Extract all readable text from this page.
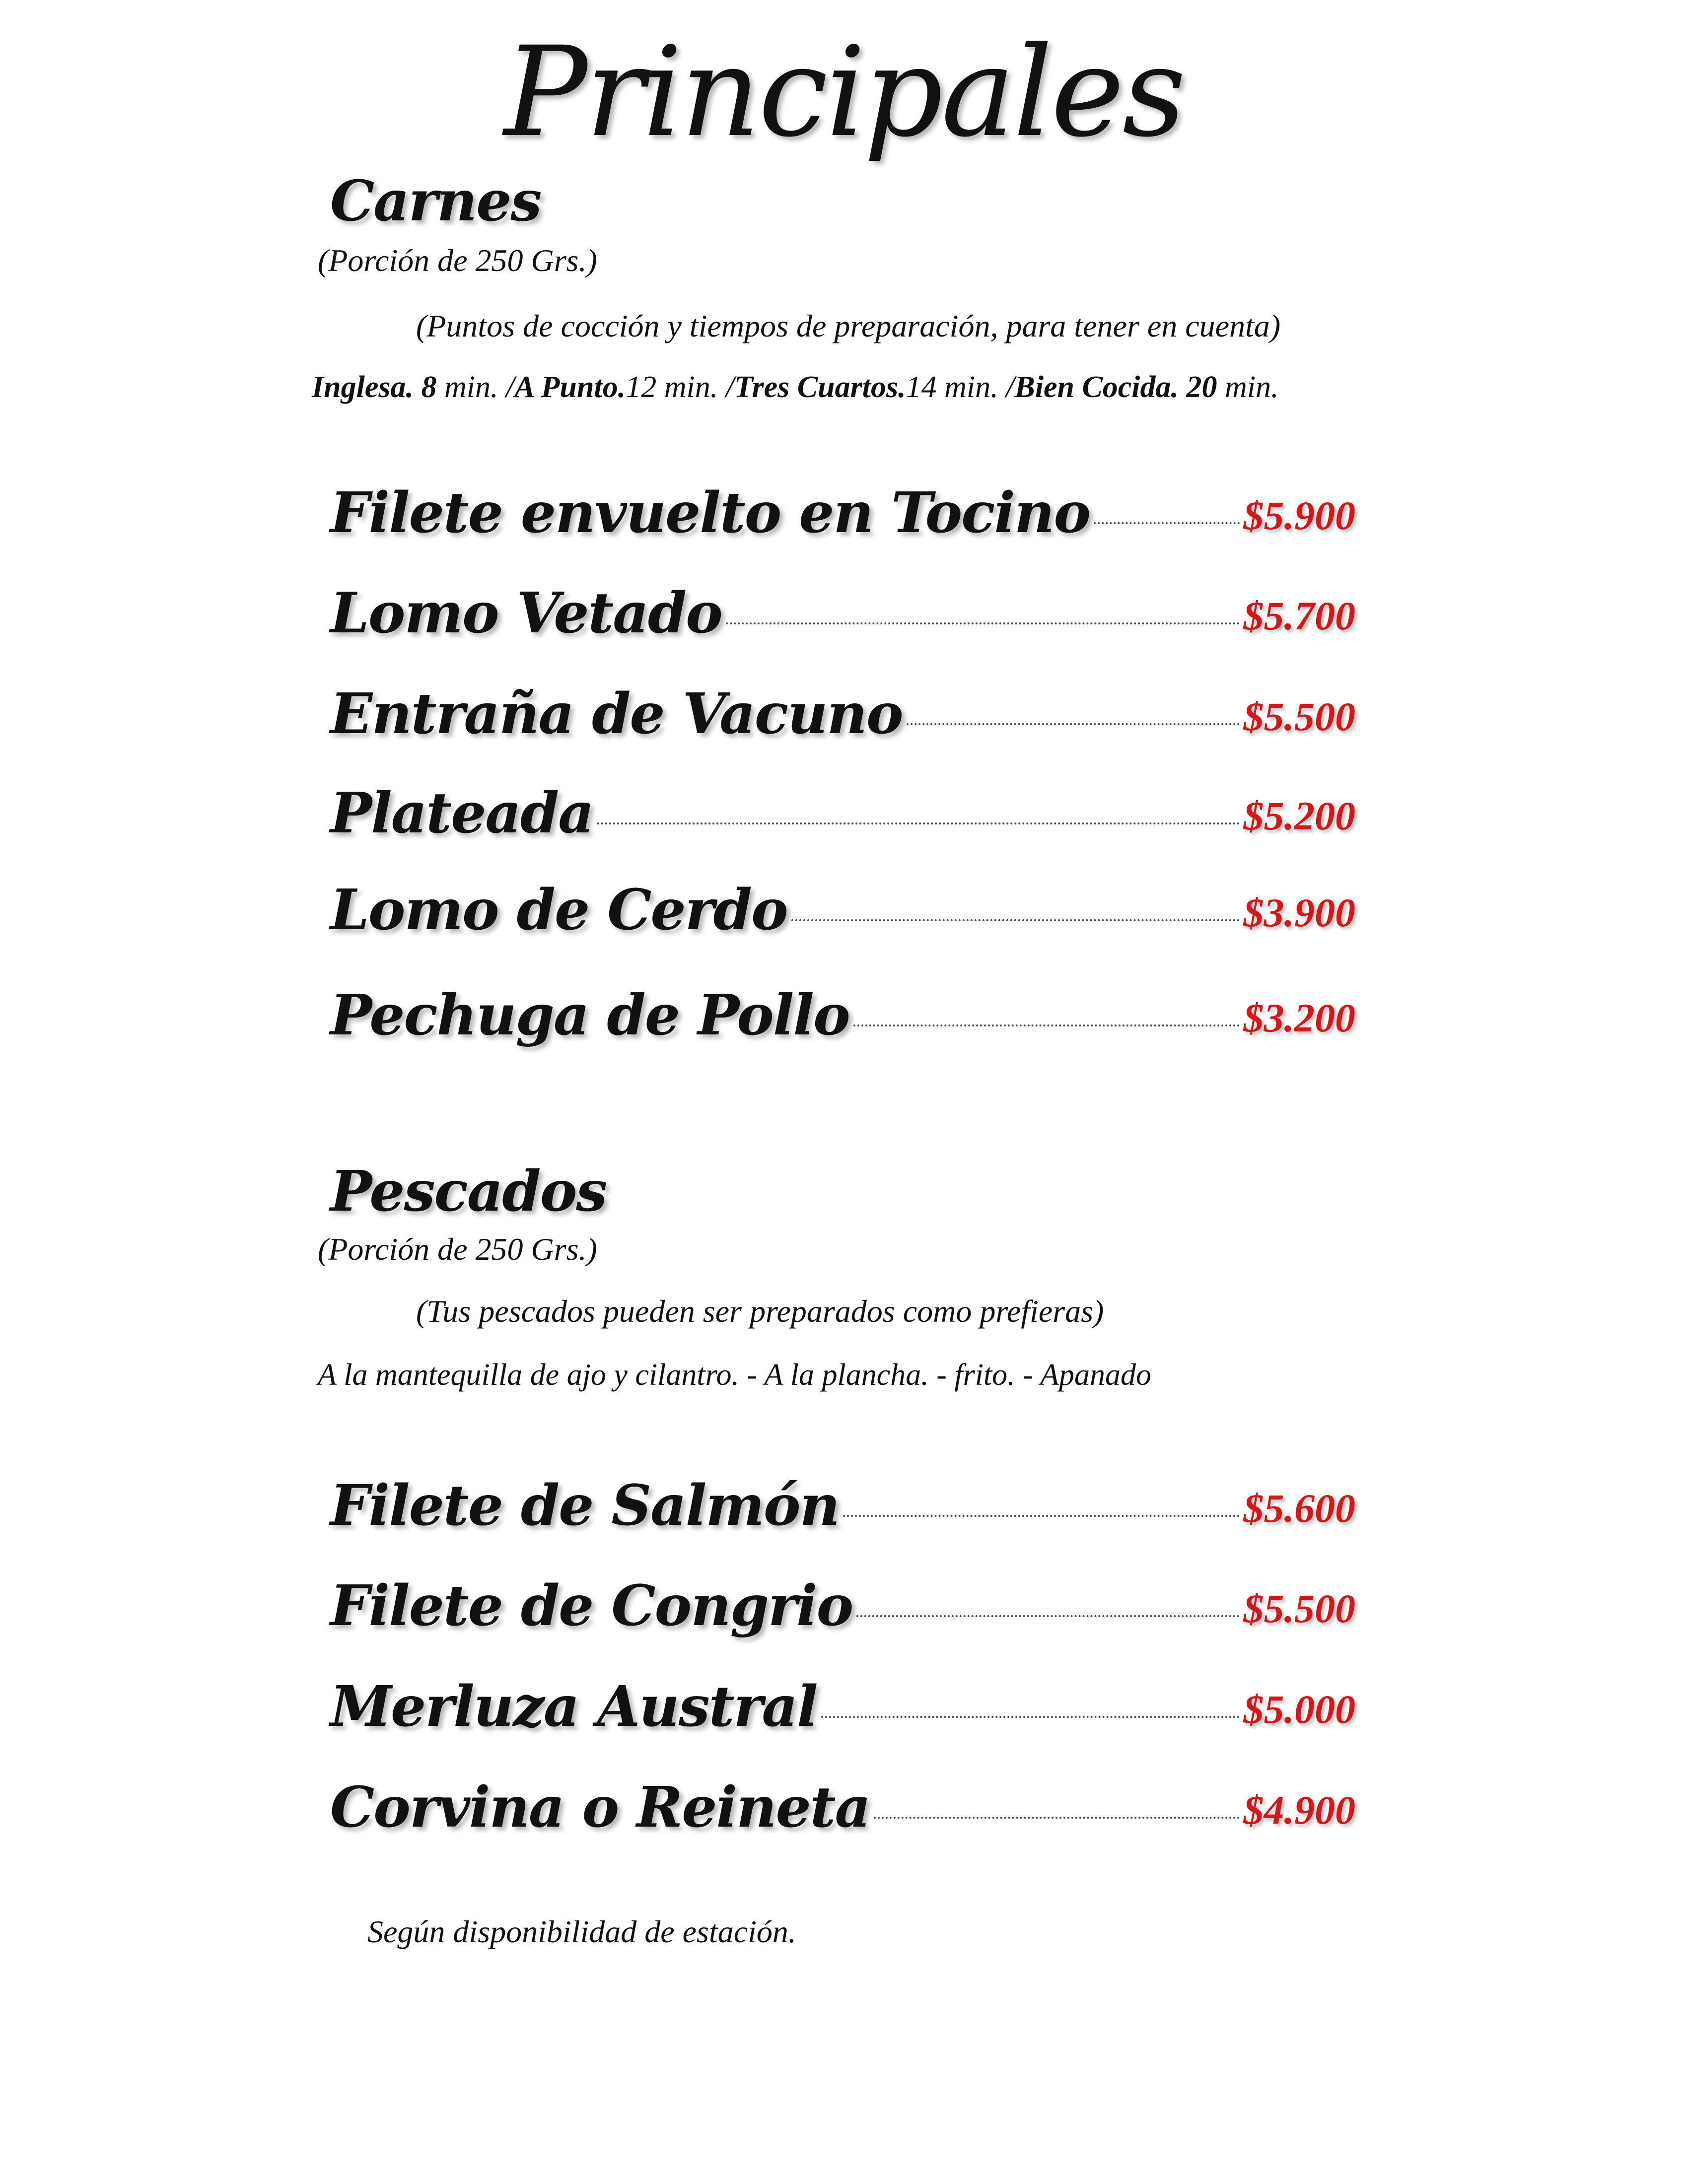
Principales
Carnes
(Porción de 250 Grs.)
(Puntos de cocción y tiempos de preparación, para tener en cuenta)
Inglesa. 8 min. /A Punto.12 min. /Tres Cuartos.14 min. /Bien Cocida. 20 min.
Filete envuelto en Tocino	$5.900
Lomo Vetado	$5.700
Entraña de Vacuno	$5.500
Plateada	$5.200
Lomo de Cerdo	$3.900
Pechuga de Pollo	$3.200
Pescados
(Porción de 250 Grs.)
(Tus pescados pueden ser preparados como prefieras)
A la mantequilla de ajo y cilantro. - A la plancha. - frito. - Apanado
Filete de Salmón	$5.600
Filete de Congrio	$5.500
Merluza Austral	$5.000
Corvina o Reineta	$4.900
Según disponibilidad de estación.
